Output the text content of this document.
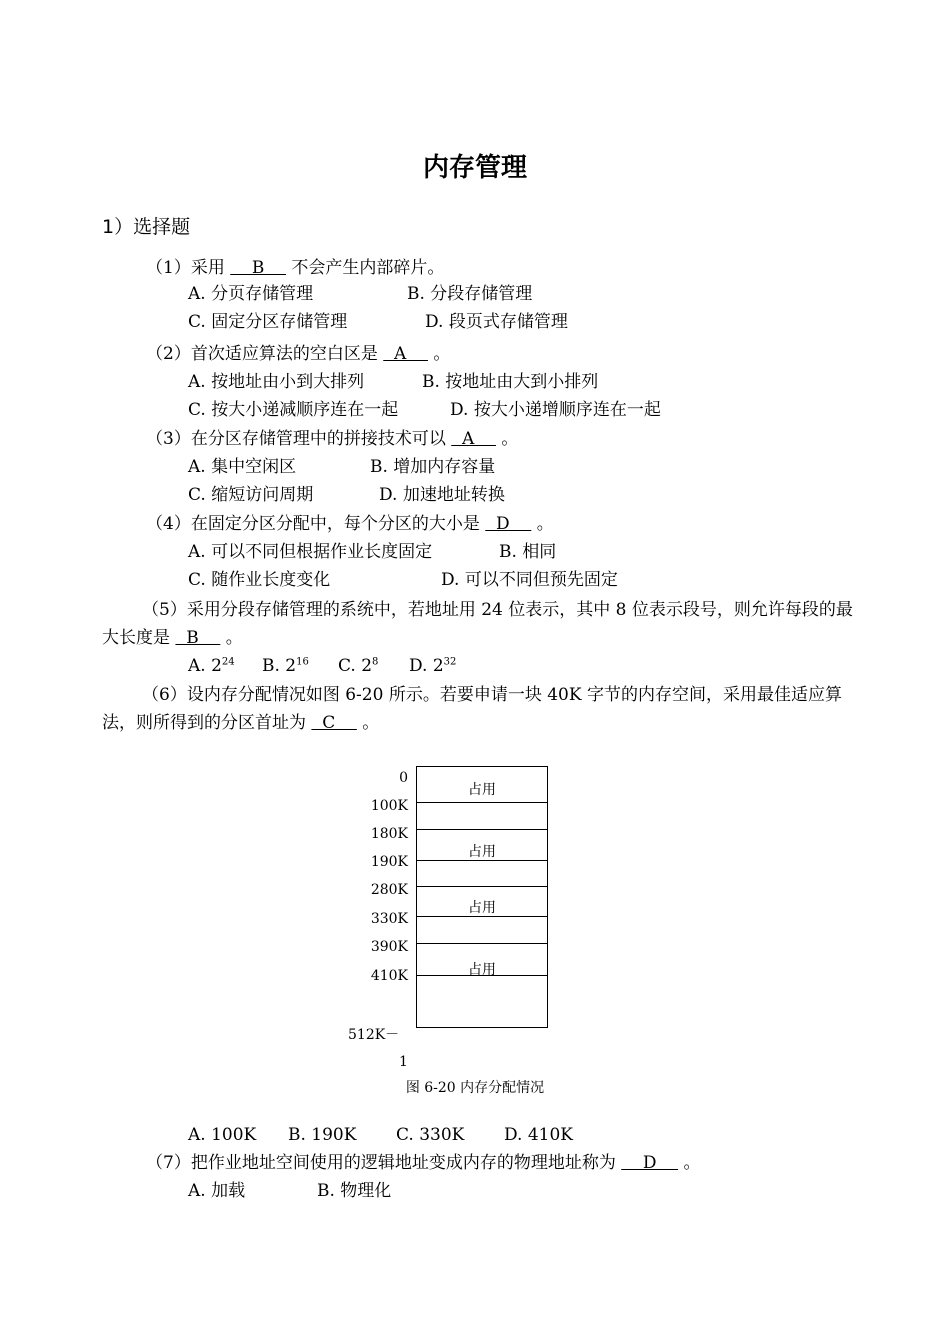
内存管理
1）选择题
（1）采用     B     不会产生内部碎片。
A. 分页存储管理	B. 分段存储管理
C. 固定分区存储管理	D. 段页式存储管理
（2）首次适应算法的空白区是   A     。
A. 按地址由小到大排列	B. 按地址由大到小排列
C. 按大小递减顺序连在一起	D. 按大小递增顺序连在一起
（3）在分区存储管理中的拼接技术可以   A     。
A. 集中空闲区	B. 增加内存容量
C. 缩短访问周期	D. 加速地址转换
（4）在固定分区分配中，每个分区的大小是   D     。
A. 可以不同但根据作业长度固定	B. 相同
C. 随作业长度变化	D. 可以不同但预先固定
（5）采用分段存储管理的系统中，若地址用 24 位表示，其中 8 位表示段号，则允许每段的最大长度是   B     。
A. $2^{24}$ B. $2^{16}$ C. $2^8$ D. $2^{32}$
（6）设内存分配情况如图 6-20 所示。若要申请一块 40K 字节的内存空间，采用最佳适应算法，则所得到的分区首址为   C     。
0
100K
180K
190K
280K
330K
390K
410K
512K－
1
占用
占用
占用
占用
图 6-20 内存分配情况
A. 100K B. 190K C. 330K D. 410K
（7）把作业地址空间使用的逻辑地址变成内存的物理地址称为     D     。
A. 加载	B. 物理化
